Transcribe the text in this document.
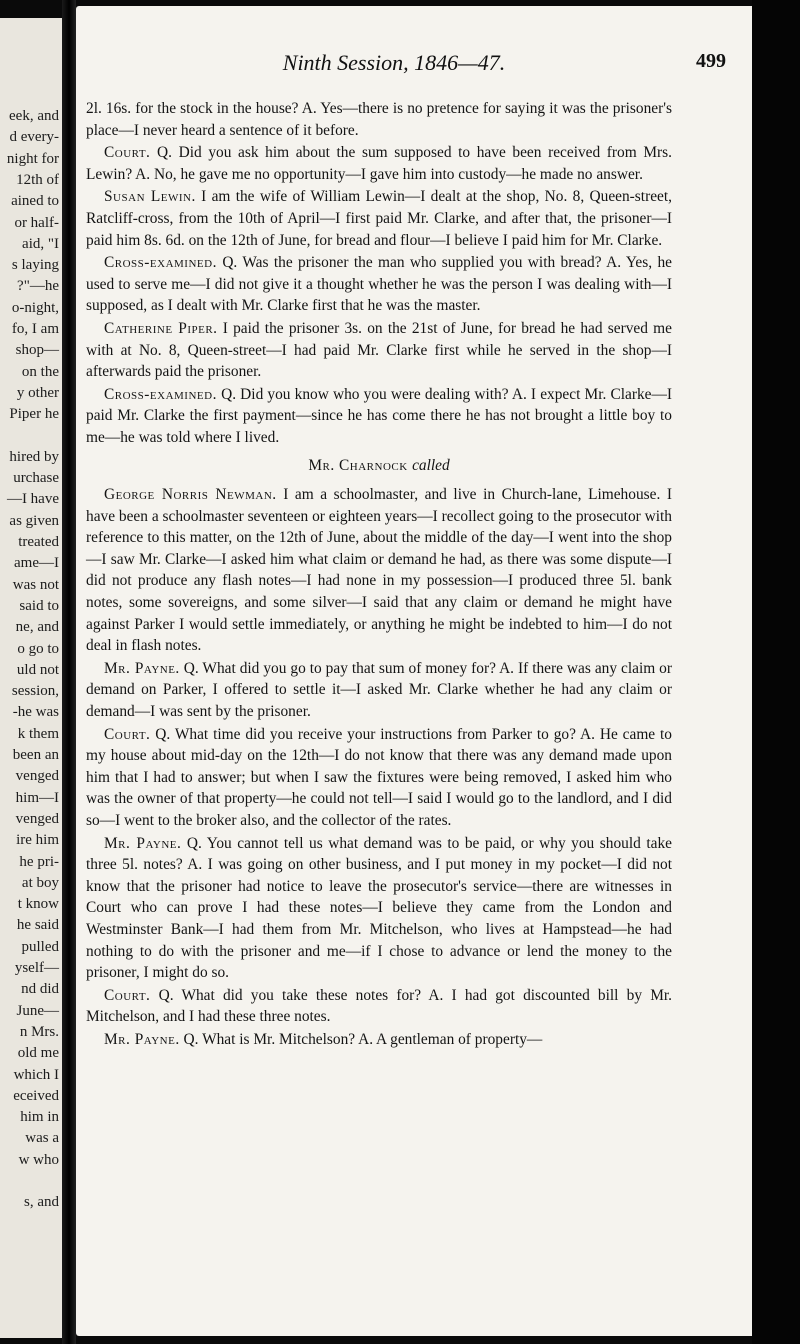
eek, and
d every-
night for
12th of
ained to
or half-
aid, "I
s laying
?"—he
o-night,
fo, I am
shop—
on the
y other
Piper he
hired by
urchase
—I have
as given
treated
ame—I
was not
said to
ne, and
o go to
uld not
session,
-he was
k them
been an
venged
him—I
venged
ire him
he pri-
at boy
t know
he said
pulled
yself—
nd did
June—
n Mrs.
old me
which I
eceived
him in
was a
w who
s, and
Ninth Session, 1846—47.	499

2l. 16s. for the stock in the house? A. Yes—there is no pretence for saying it was the prisoner's place—I never heard a sentence of it before.

Court. Q. Did you ask him about the sum supposed to have been received from Mrs. Lewin? A. No, he gave me no opportunity—I gave him into custody—he made no answer.

Susan Lewin. I am the wife of William Lewin—I dealt at the shop, No. 8, Queen-street, Ratcliff-cross, from the 10th of April—I first paid Mr. Clarke, and after that, the prisoner—I paid him 8s. 6d. on the 12th of June, for bread and flour—I believe I paid him for Mr. Clarke.

Cross-examined. Q. Was the prisoner the man who supplied you with bread? A. Yes, he used to serve me—I did not give it a thought whether he was the person I was dealing with—I supposed, as I dealt with Mr. Clarke first that he was the master.

Catherine Piper. I paid the prisoner 3s. on the 21st of June, for bread he had served me with at No. 8, Queen-street—I had paid Mr. Clarke first while he served in the shop—I afterwards paid the prisoner.

Cross-examined. Q. Did you know who you were dealing with? A. I expect Mr. Clarke—I paid Mr. Clarke the first payment—since he has come there he has not brought a little boy to me—he was told where I lived.

Mr. Charnock called

George Norris Newman. I am a schoolmaster, and live in Church-lane, Limehouse. I have been a schoolmaster seventeen or eighteen years—I recollect going to the prosecutor with reference to this matter, on the 12th of June, about the middle of the day—I went into the shop—I saw Mr. Clarke—I asked him what claim or demand he had, as there was some dispute—I did not produce any flash notes—I had none in my possession—I produced three 5l. bank notes, some sovereigns, and some silver—I said that any claim or demand he might have against Parker I would settle immediately, or anything he might be indebted to him—I do not deal in flash notes.

Mr. Payne. Q. What did you go to pay that sum of money for? A. If there was any claim or demand on Parker, I offered to settle it—I asked Mr. Clarke whether he had any claim or demand—I was sent by the prisoner.

Court. Q. What time did you receive your instructions from Parker to go? A. He came to my house about mid-day on the 12th—I do not know that there was any demand made upon him that I had to answer; but when I saw the fixtures were being removed, I asked him who was the owner of that property—he could not tell—I said I would go to the landlord, and I did so—I went to the broker also, and the collector of the rates.

Mr. Payne. Q. You cannot tell us what demand was to be paid, or why you should take three 5l. notes? A. I was going on other business, and I put money in my pocket—I did not know that the prisoner had notice to leave the prosecutor's service—there are witnesses in Court who can prove I had these notes—I believe they came from the London and Westminster Bank—I had them from Mr. Mitchelson, who lives at Hampstead—he had nothing to do with the prisoner and me—if I chose to advance or lend the money to the prisoner, I might do so.

Court. Q. What did you take these notes for? A. I had got discounted bill by Mr. Mitchelson, and I had these three notes.

Mr. Payne. Q. What is Mr. Mitchelson? A. A gentleman of property—
